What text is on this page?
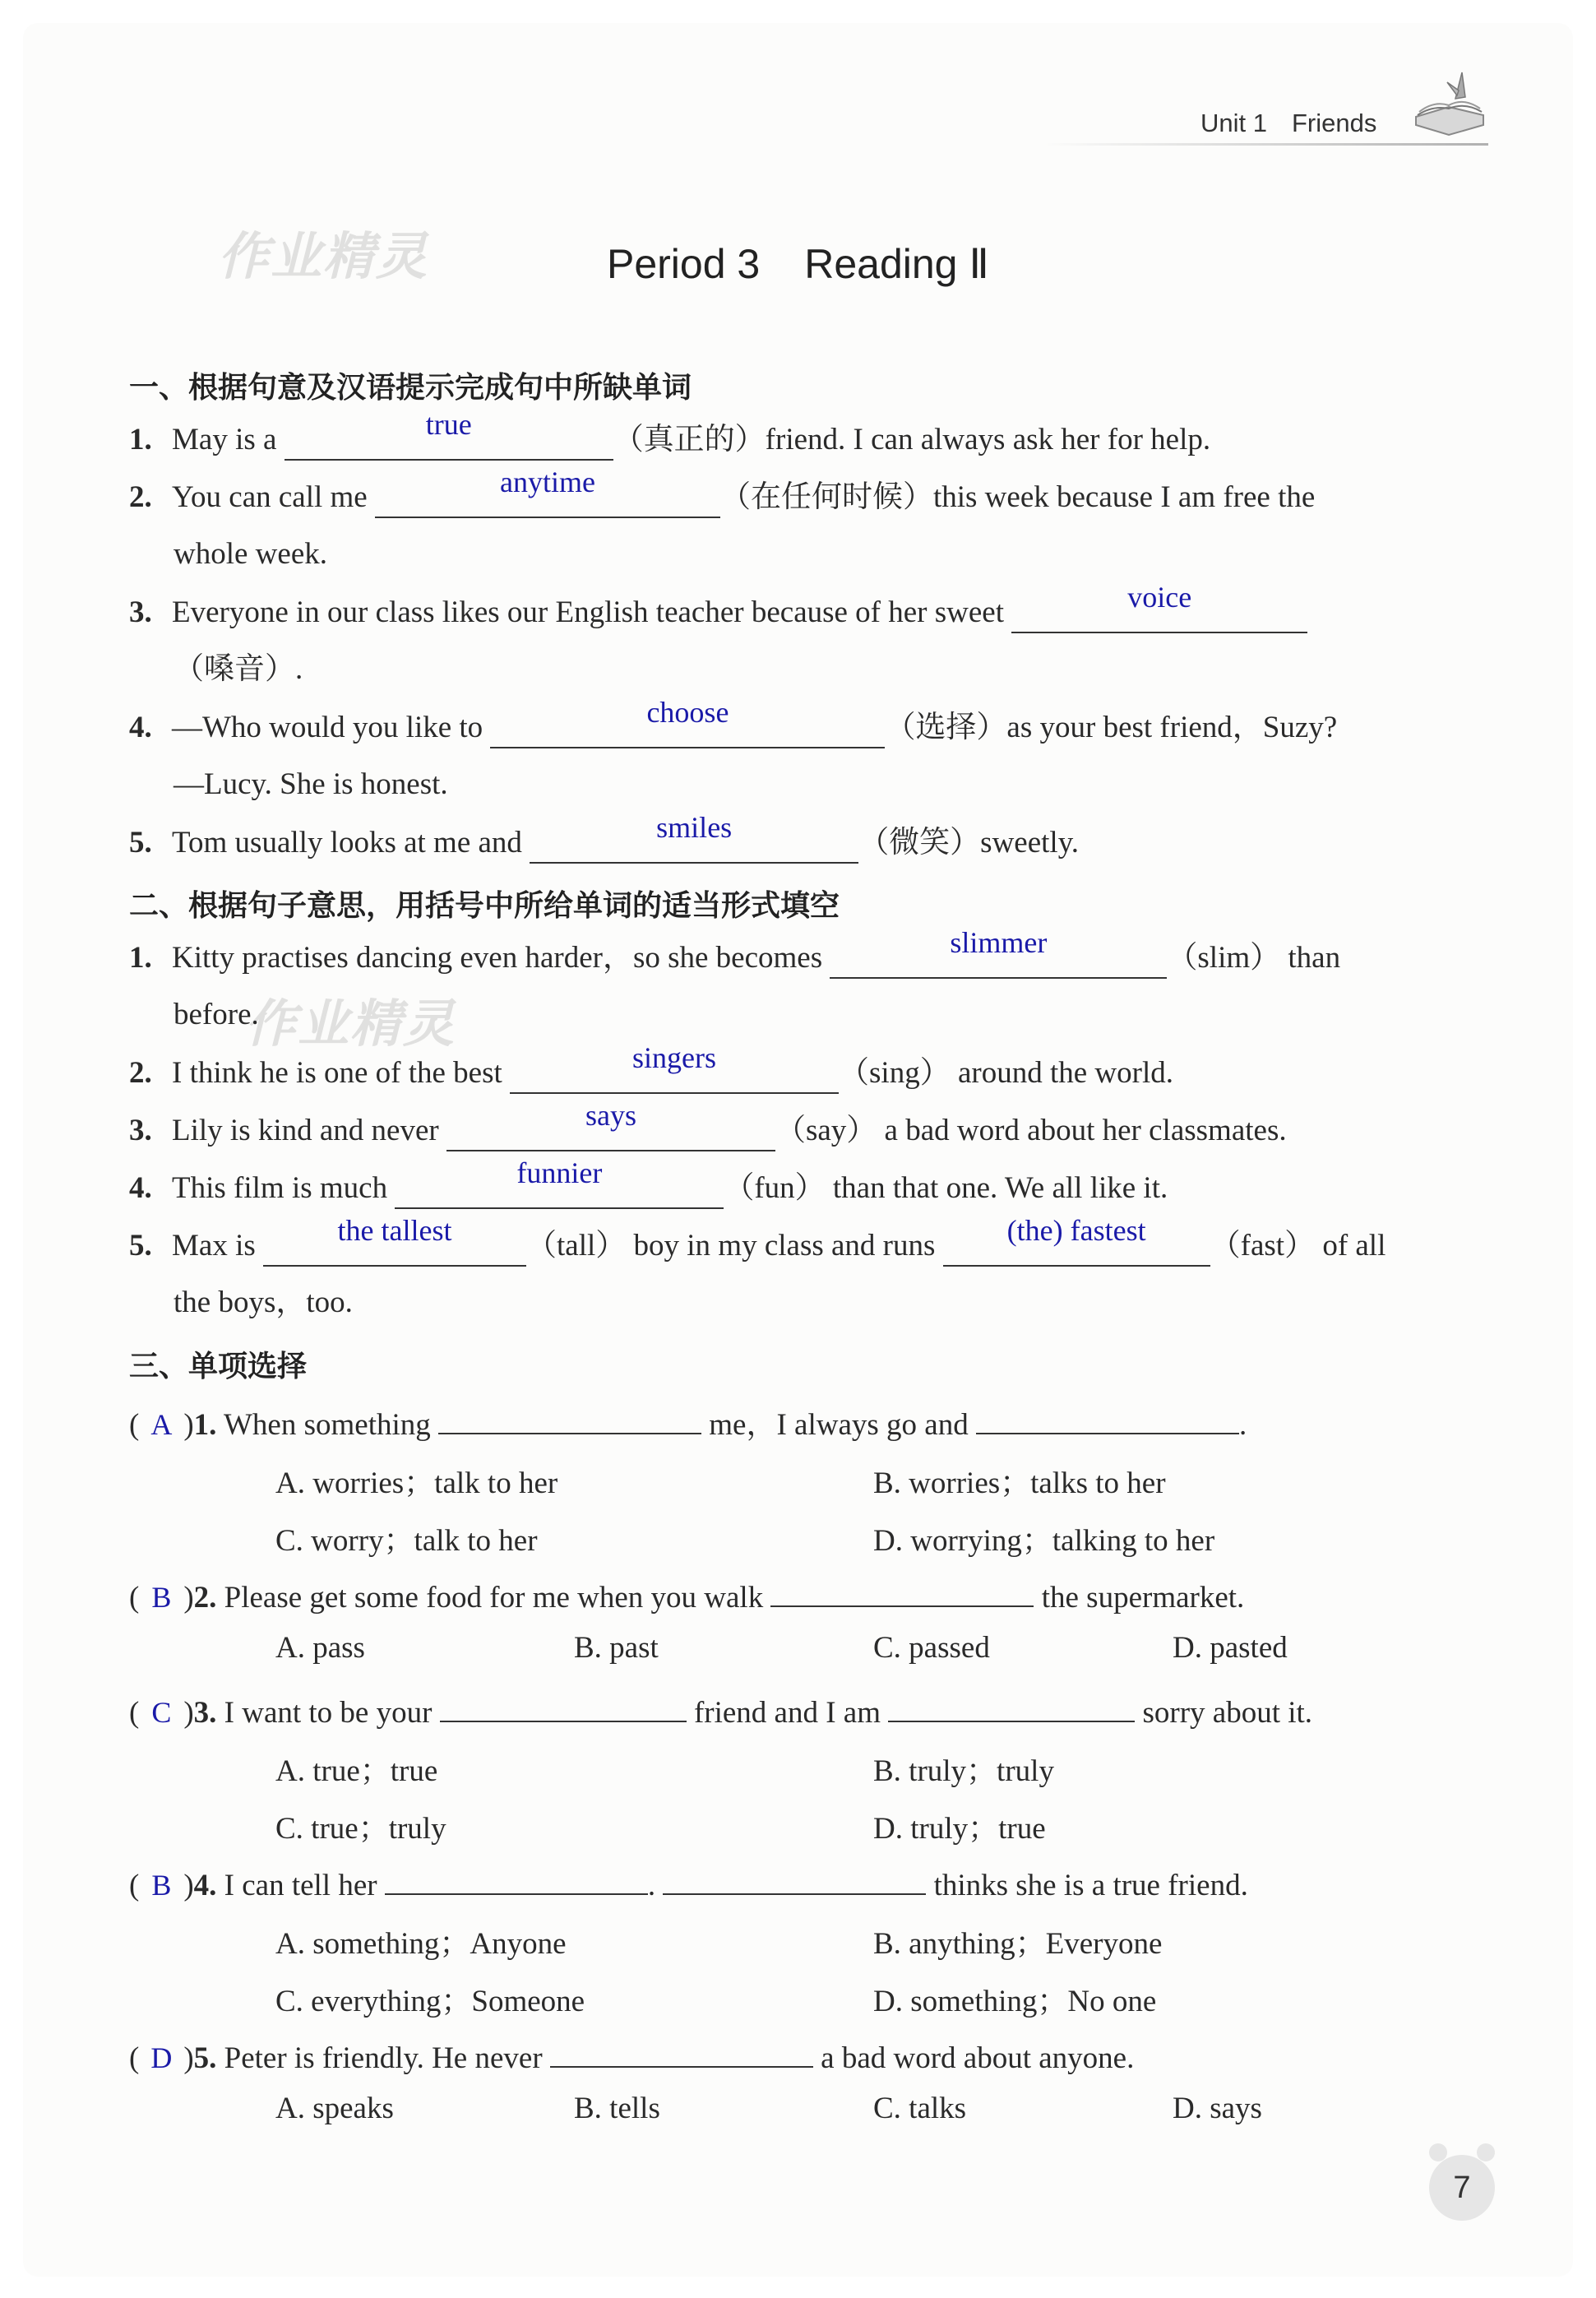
Unit 1 Friends
作业精灵
作业精灵
Period 3 Reading Ⅱ
一、根据句意及汉语提示完成句中所缺单词
1. May is a	true	（真正的）friend. I can always ask her for help.
2. You can call me	anytime	（在任何时候）this week because I am free the
whole week.
3. Everyone in our class likes our English teacher because of her sweet	voice
（嗓音）.
4. —Who would you like to	choose	（选择）as your best friend，Suzy?
—Lucy. She is honest.
5. Tom usually looks at me and	smiles	（微笑）sweetly.
二、根据句子意思，用括号中所给单词的适当形式填空
1. Kitty practises dancing even harder，so she becomes	slimmer	（slim） than
before.
2. I think he is one of the best	singers	（sing） around the world.
3. Lily is kind and never	says	（say） a bad word about her classmates.
4. This film is much	funnier	（fun） than that one. We all like it.
5. Max is	the tallest （tall） boy in my class and runs (the) fastest （fast） of all
the boys，too.
三、单项选择
( A )1. When something	me，I always go and	.
A. worries；talk to her	B. worries；talks to her
C. worry；talk to her	D. worrying；talking to her
( B )2. Please get some food for me when you walk	the supermarket.
A. pass	B. past	C. passed	D. pasted
( C )3. I want to be your	friend and I am	sorry about it.
A. true；true	B. truly；truly
C. true；truly	D. truly；true
( B )4. I can tell her	.	thinks she is a true friend.
A. something；Anyone	B. anything；Everyone
C. everything；Someone	D. something；No one
( D )5. Peter is friendly. He never	a bad word about anyone.
A. speaks	B. tells	C. talks	D. says
7
